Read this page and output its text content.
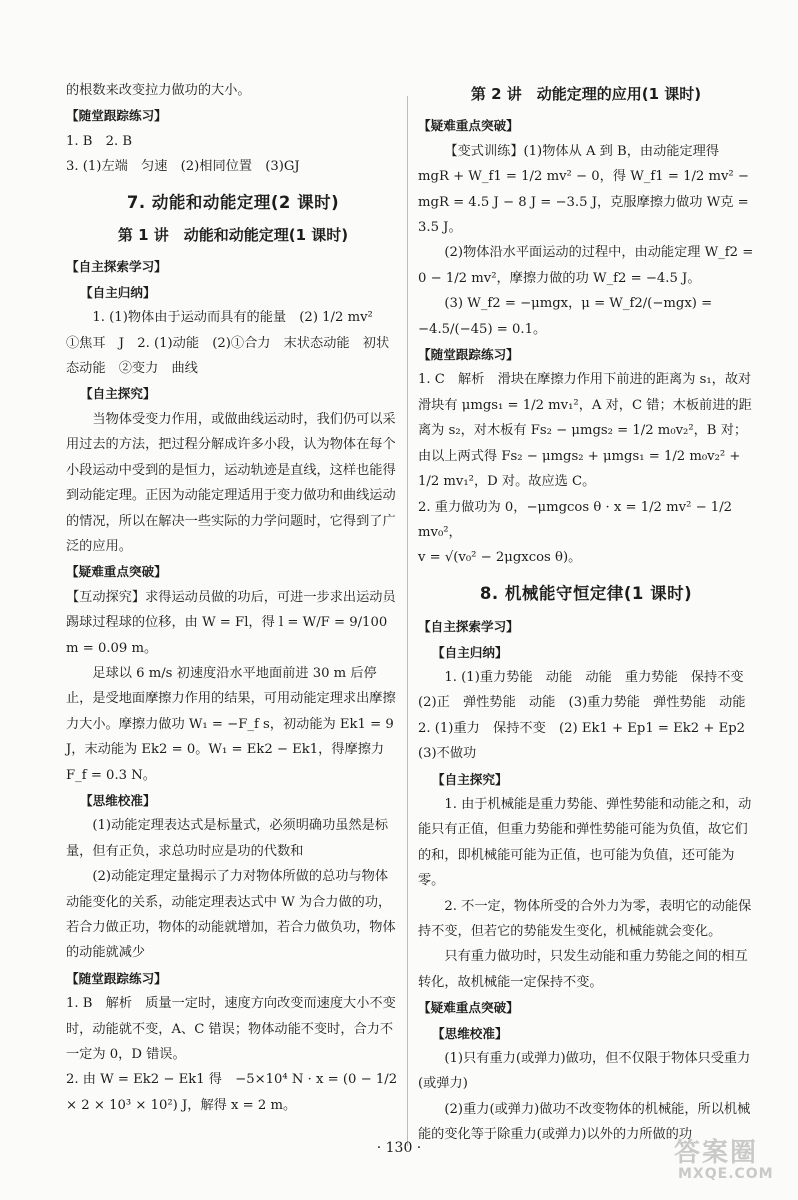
的根数来改变拉力做功的大小。

【随堂跟踪练习】

1. B　2. B

3. (1)左端　匀速　(2)相同位置　(3)GJ

7. 动能和动能定理(2 课时)

第 1 讲　动能和动能定理(1 课时)

【自主探索学习】

【自主归纳】

1. (1)物体由于运动而具有的能量　(2) 1/2 mv²

①焦耳　J　2. (1)动能　(2)①合力　末状态动能　初状态动能　②变力　曲线

【自主探究】

当物体受变力作用，或做曲线运动时，我们仍可以采用过去的方法，把过程分解成许多小段，认为物体在每个小段运动中受到的是恒力，运动轨迹是直线，这样也能得到动能定理。正因为动能定理适用于变力做功和曲线运动的情况，所以在解决一些实际的力学问题时，它得到了广泛的应用。

【疑难重点突破】

【互动探究】求得运动员做的功后，可进一步求出运动员踢球过程球的位移，由 W = Fl，得 l = W/F = 9/100 m = 0.09 m。

足球以 6 m/s 初速度沿水平地面前进 30 m 后停止，是受地面摩擦力作用的结果，可用动能定理求出摩擦力大小。摩擦力做功 W₁ = −F_f s，初动能为 Ek1 = 9 J，末动能为 Ek2 = 0。W₁ = Ek2 − Ek1，得摩擦力 F_f = 0.3 N。

【思维校准】

(1)动能定理表达式是标量式，必须明确功虽然是标量，但有正负，求总功时应是功的代数和

(2)动能定理定量揭示了力对物体所做的总功与物体动能变化的关系，动能定理表达式中 W 为合力做的功，若合力做正功，物体的动能就增加，若合力做负功，物体的动能就减少

【随堂跟踪练习】

1. B　解析　质量一定时，速度方向改变而速度大小不变时，动能就不变，A、C 错误；物体动能不变时，合力不一定为 0，D 错误。

2. 由 W = Ek2 − Ek1 得　−5×10⁴ N · x = (0 − 1/2 × 2 × 10³ × 10²) J，解得 x = 2 m。

第 2 讲　动能定理的应用(1 课时)

【疑难重点突破】

【变式训练】(1)物体从 A 到 B，由动能定理得 mgR + W_f1 = 1/2 mv² − 0，得 W_f1 = 1/2 mv² − mgR = 4.5 J − 8 J = −3.5 J，克服摩擦力做功 W克 = 3.5 J。

(2)物体沿水平面运动的过程中，由动能定理 W_f2 = 0 − 1/2 mv²，摩擦力做的功 W_f2 = −4.5 J。

(3) W_f2 = −μmgx，μ = W_f2/(−mgx) = −4.5/(−45) = 0.1。

【随堂跟踪练习】

1. C　解析　滑块在摩擦力作用下前进的距离为 s₁，故对滑块有 μmgs₁ = 1/2 mv₁²，A 对，C 错；木板前进的距离为 s₂，对木板有 Fs₂ − μmgs₂ = 1/2 m₀v₂²，B 对；由以上两式得 Fs₂ − μmgs₂ + μmgs₁ = 1/2 m₀v₂² + 1/2 mv₁²，D 对。故应选 C。

2. 重力做功为 0，−μmgcos θ · x = 1/2 mv² − 1/2 mv₀²，

v = √(v₀² − 2μgxcos θ)。

8. 机械能守恒定律(1 课时)

【自主探索学习】

【自主归纳】

1. (1)重力势能　动能　动能　重力势能　保持不变　(2)正　弹性势能　动能　(3)重力势能　弹性势能　动能　2. (1)重力　保持不变　(2) Ek1 + Ep1 = Ek2 + Ep2　(3)不做功

【自主探究】

1. 由于机械能是重力势能、弹性势能和动能之和，动能只有正值，但重力势能和弹性势能可能为负值，故它们的和，即机械能可能为正值，也可能为负值，还可能为零。

2. 不一定，物体所受的合外力为零，表明它的动能保持不变，但若它的势能发生变化，机械能就会变化。

只有重力做功时，只发生动能和重力势能之间的相互转化，故机械能一定保持不变。

【疑难重点突破】

【思维校准】

(1)只有重力(或弹力)做功，但不仅限于物体只受重力(或弹力)

(2)重力(或弹力)做功不改变物体的机械能，所以机械能的变化等于除重力(或弹力)以外的力所做的功

· 130 ·	答案圈
MXQE.COM
